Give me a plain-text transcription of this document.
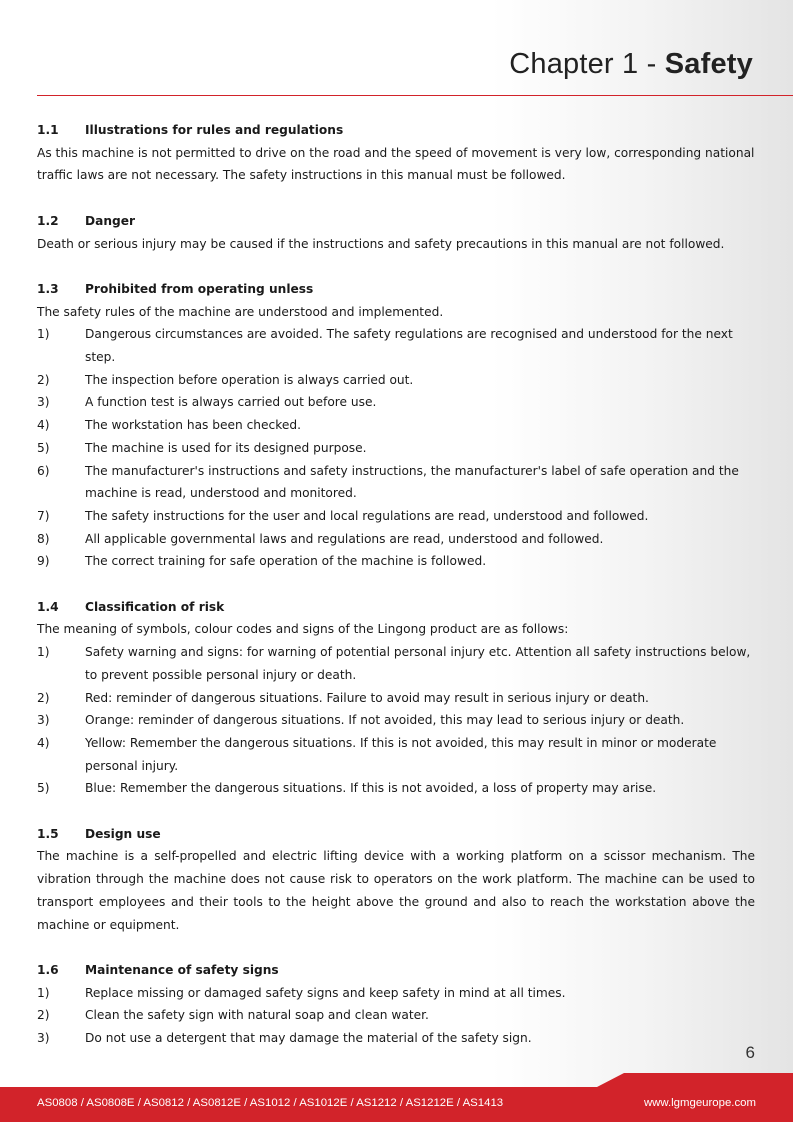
Chapter 1 - Safety
1.1	Illustrations for rules and regulations

As this machine is not permitted to drive on the road and the speed of movement is very low, corresponding national traffic laws are not necessary. The safety instructions in this manual must be followed.

1.2	Danger

Death or serious injury may be caused if the instructions and safety precautions in this manual are not followed.

1.3	Prohibited from operating unless

The safety rules of the machine are understood and implemented.

1)	Dangerous circumstances are avoided. The safety regulations are recognised and understood for the next step.
2)	The inspection before operation is always carried out.
3)	A function test is always carried out before use.
4)	The workstation has been checked.
5)	The machine is used for its designed purpose.
6)	The manufacturer's instructions and safety instructions, the manufacturer's label of safe operation and the machine is read, understood and monitored.
7)	The safety instructions for the user and local regulations are read, understood and followed.
8)	All applicable governmental laws and regulations are read, understood and followed.
9)	The correct training for safe operation of the machine is followed.
1.4	Classification of risk

The meaning of symbols, colour codes and signs of the Lingong product are as follows:

1)	Safety warning and signs: for warning of potential personal injury etc. Attention all safety instructions below, to prevent possible personal injury or death.
2)	Red: reminder of dangerous situations. Failure to avoid may result in serious injury or death.
3)	Orange: reminder of dangerous situations. If not avoided, this may lead to serious injury or death.
4)	Yellow: Remember the dangerous situations. If this is not avoided, this may result in minor or moderate personal injury.
5)	Blue: Remember the dangerous situations. If this is not avoided, a loss of property may arise.
1.5	Design use

The machine is a self-propelled and electric lifting device with a working platform on a scissor mechanism. The vibration through the machine does not cause risk to operators on the work platform. The machine can be used to transport employees and their tools to the height above the ground and also to reach the workstation above the machine or equipment.

1.6	Maintenance of safety signs
1)	Replace missing or damaged safety signs and keep safety in mind at all times.
2)	Clean the safety sign with natural soap and clean water.
3)	Do not use a detergent that may damage the material of the safety sign.
6
AS0808 / AS0808E / AS0812 / AS0812E / AS1012 / AS1012E / AS1212 / AS1212E / AS1413	www.lgmgeurope.com
